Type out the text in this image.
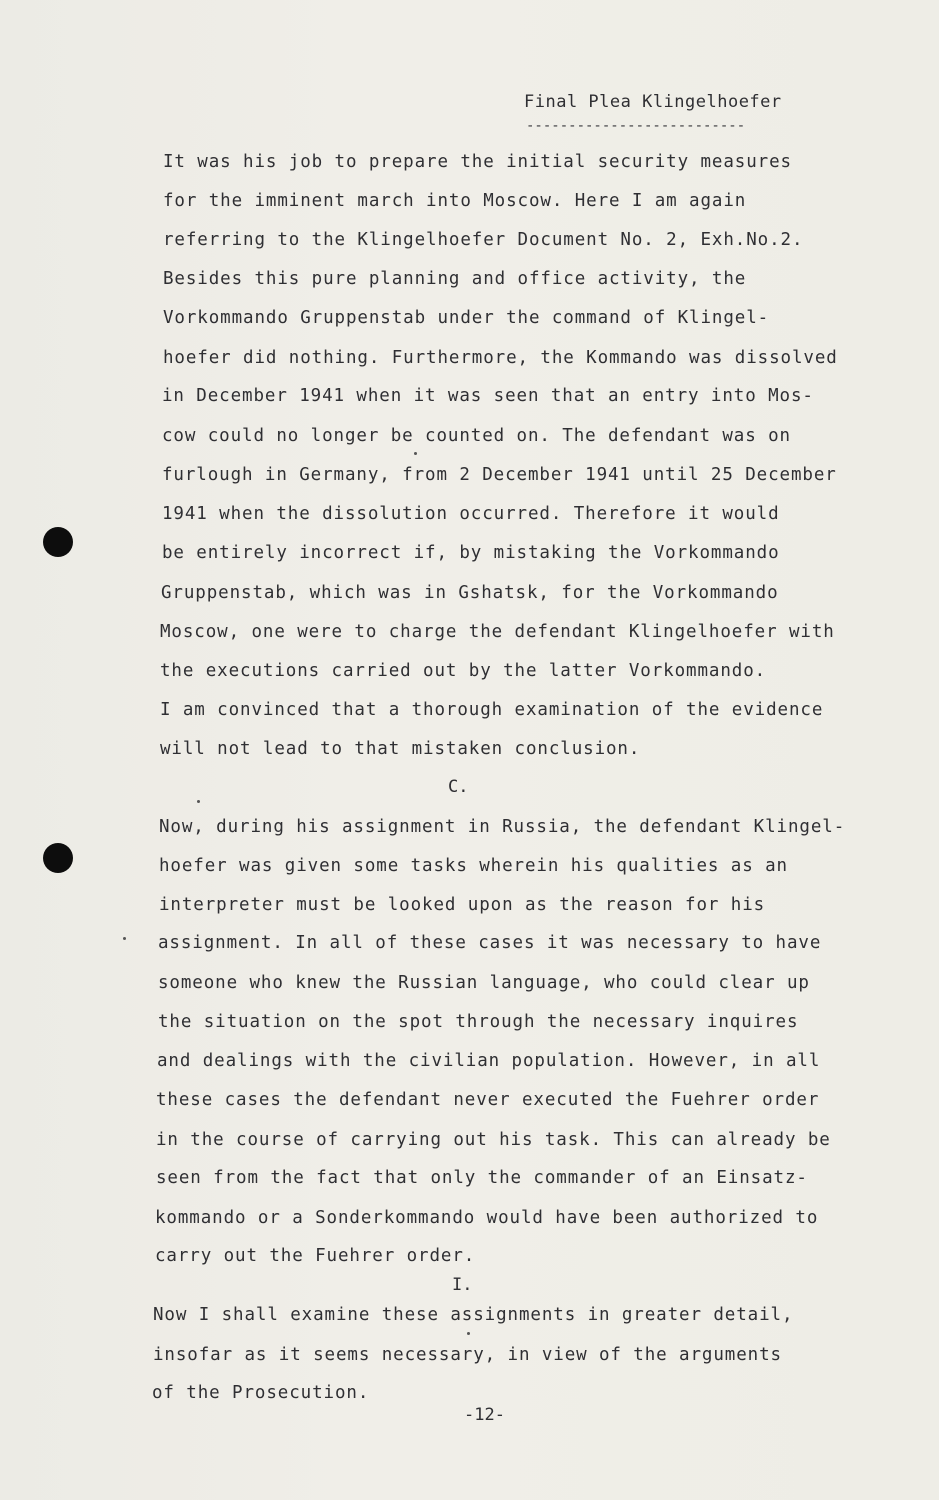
Final Plea Klingelhoefer
--------------------------
It was his job to prepare the initial security measures
for the imminent march into Moscow. Here I am again
referring to the Klingelhoefer Document No. 2, Exh.No.2.
Besides this pure planning and office activity, the
Vorkommando Gruppenstab under the command of Klingel-
hoefer did nothing. Furthermore, the Kommando was dissolved
in December 1941 when it was seen that an entry into Mos-
cow could no longer be counted on. The defendant was on
furlough in Germany, from 2 December 1941 until 25 December
1941 when the dissolution occurred. Therefore it would
be entirely incorrect if, by mistaking the Vorkommando
Gruppenstab, which was in Gshatsk, for the Vorkommando
Moscow, one were to charge the defendant Klingelhoefer with
the executions carried out by the latter Vorkommando.
I am convinced that a thorough examination of the evidence
will not lead to that mistaken conclusion.
C.
Now, during his assignment in Russia, the defendant Klingel-
hoefer was given some tasks wherein his qualities as an
interpreter must be looked upon as the reason for his
assignment. In all of these cases it was necessary to have
someone who knew the Russian language, who could clear up
the situation on the spot through the necessary inquires
and dealings with the civilian population. However, in all
these cases the defendant never executed the Fuehrer order
in the course of carrying out his task. This can already be
seen from the fact that only the commander of an Einsatz-
kommando or a Sonderkommando would have been authorized to
carry out the Fuehrer order.
I.
Now I shall examine these assignments in greater detail,
insofar as it seems necessary, in view of the arguments
of the Prosecution.
-12-
